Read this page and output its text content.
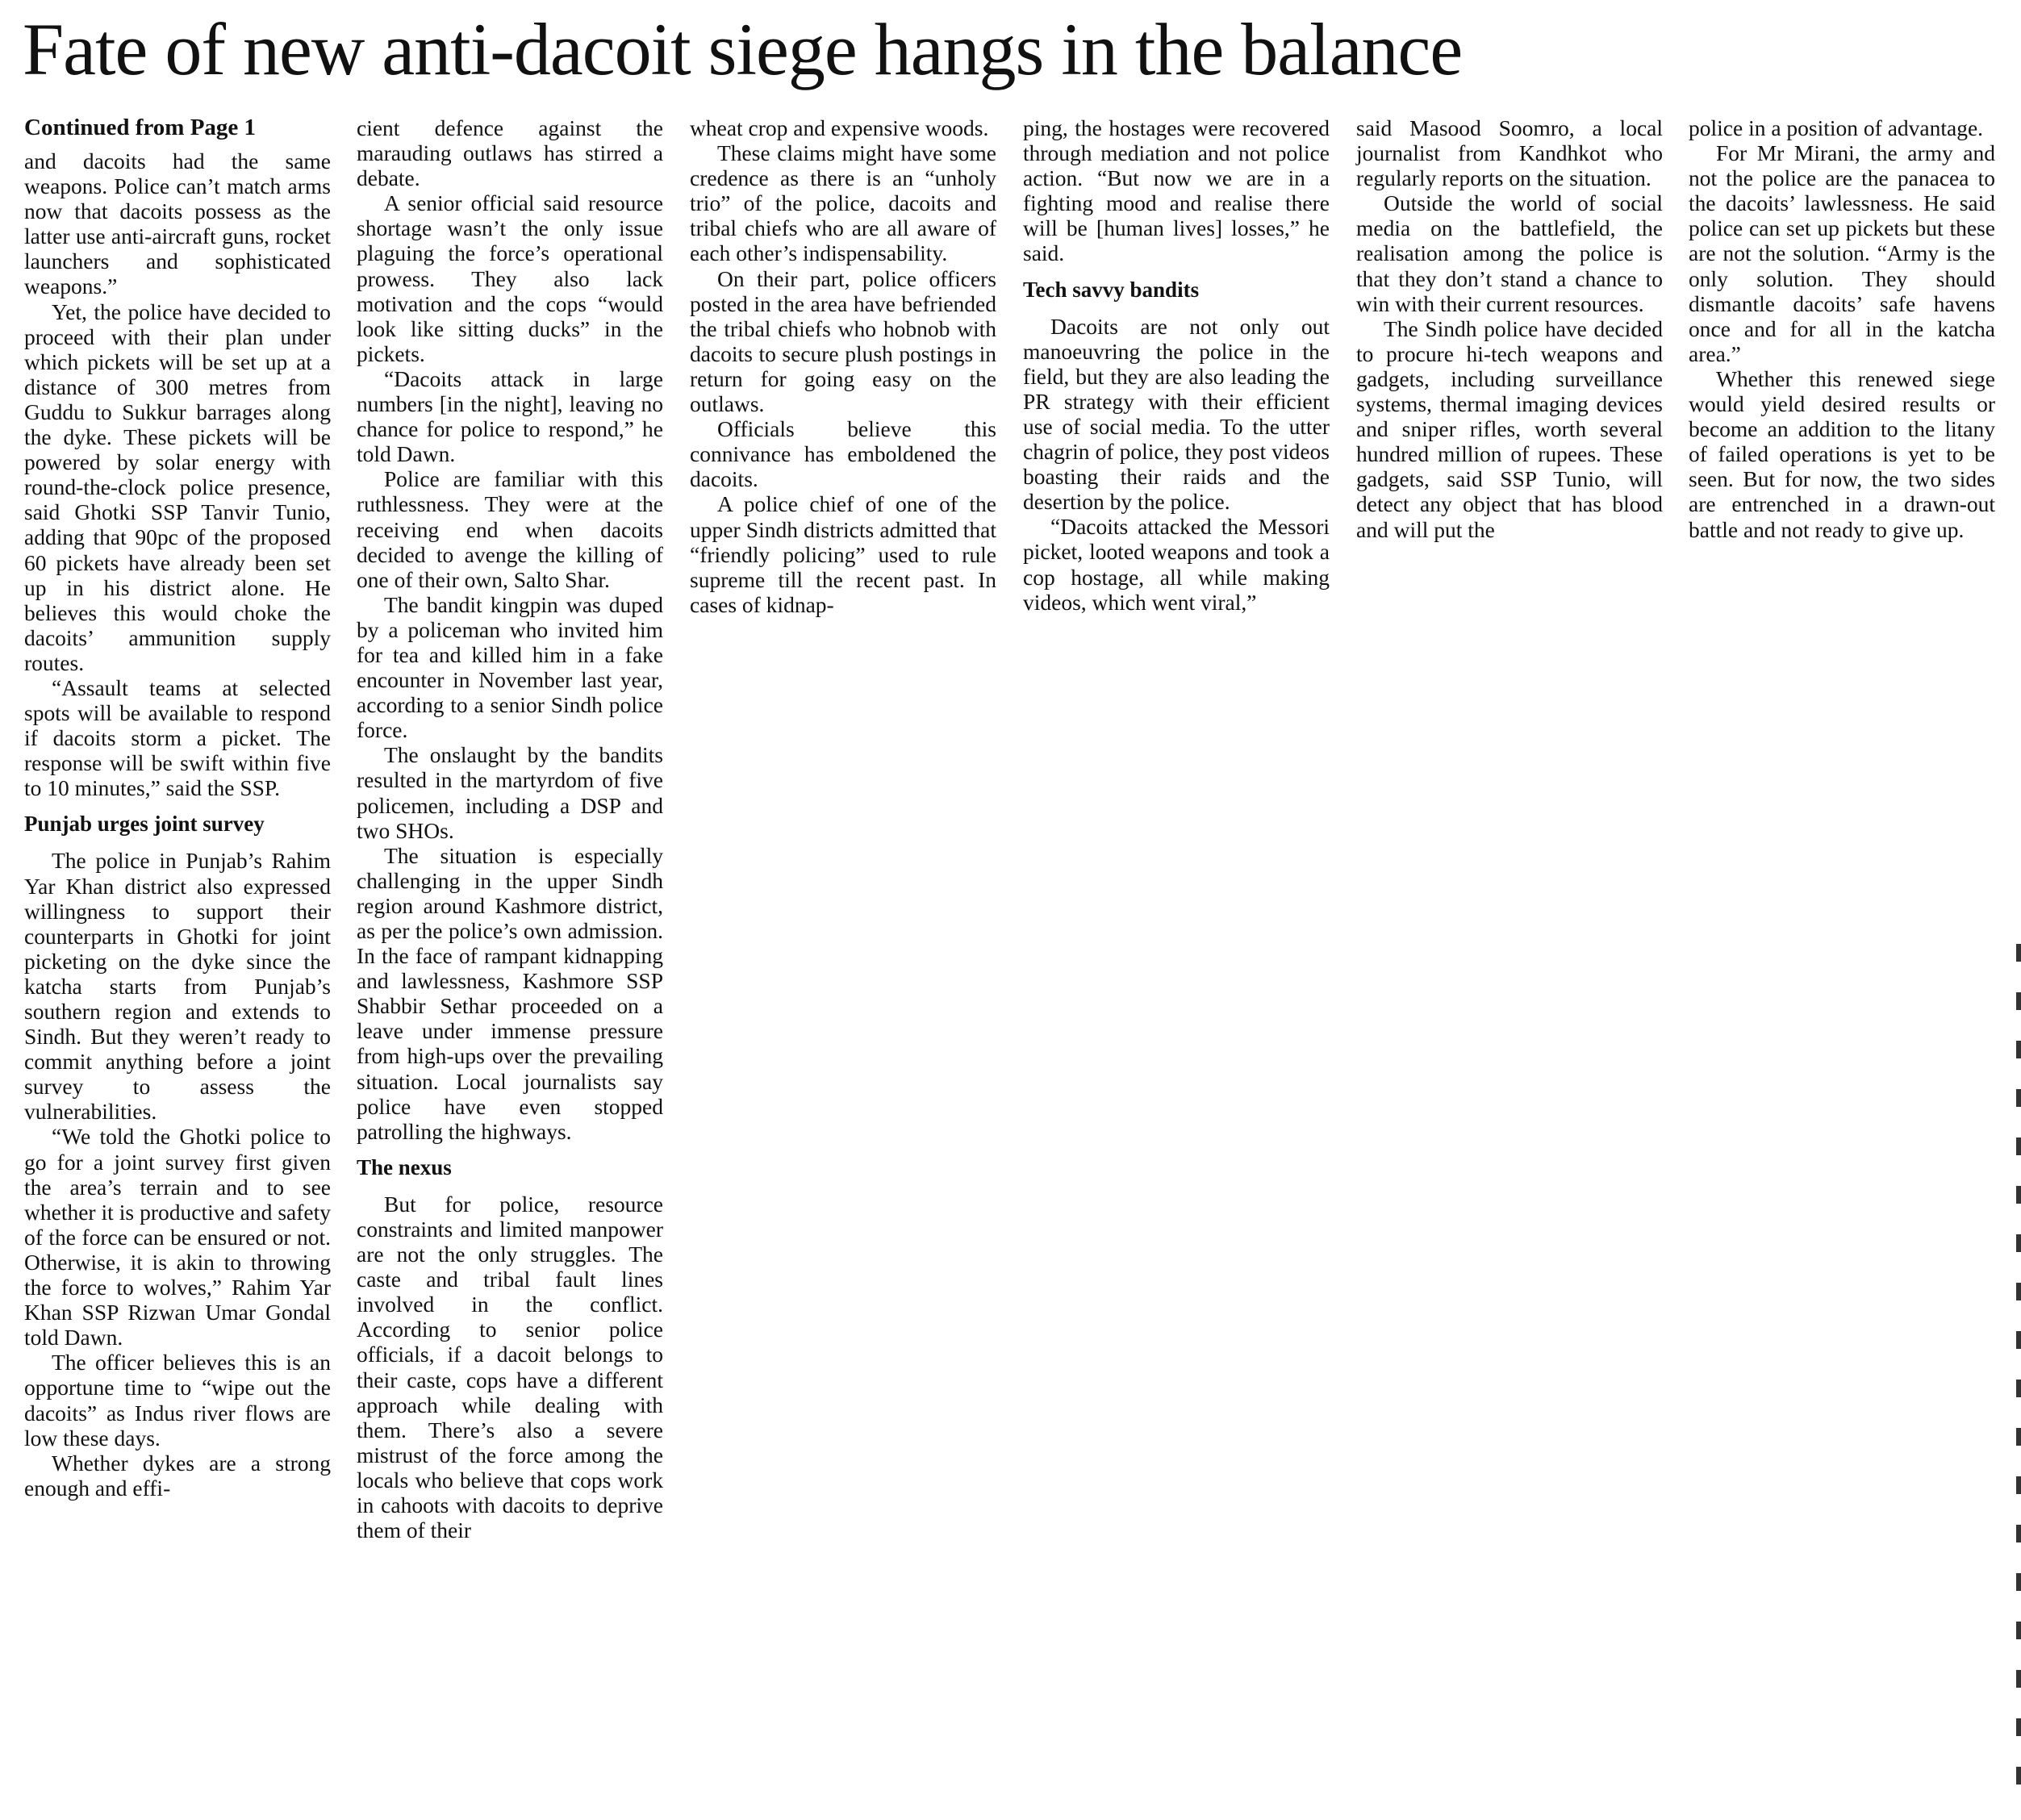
Fate of new anti-dacoit siege hangs in the balance
Continued from Page 1

and dacoits had the same weapons. Police can’t match arms now that dacoits possess as the latter use anti-aircraft guns, rocket launchers and sophisticated weapons.”

Yet, the police have decided to proceed with their plan under which pickets will be set up at a distance of 300 metres from Guddu to Sukkur barrages along the dyke. These pickets will be powered by solar energy with round-the-clock police presence, said Ghotki SSP Tanvir Tunio, adding that 90pc of the proposed 60 pickets have already been set up in his district alone. He believes this would choke the dacoits’ ammunition supply routes.

“Assault teams at selected spots will be available to respond if dacoits storm a picket. The response will be swift within five to 10 minutes,” said the SSP.

Punjab urges joint survey

The police in Punjab’s Rahim Yar Khan district also expressed willingness to support their counterparts in Ghotki for joint picketing on the dyke since the katcha starts from Punjab’s southern region and extends to Sindh. But they weren’t ready to commit anything before a joint survey to assess the vulnerabilities.

“We told the Ghotki police to go for a joint survey first given the area’s terrain and to see whether it is productive and safety of the force can be ensured or not. Otherwise, it is akin to throwing the force to wolves,” Rahim Yar Khan SSP Rizwan Umar Gondal told Dawn.

The officer believes this is an opportune time to “wipe out the dacoits” as Indus river flows are low these days.

Whether dykes are a strong enough and effi-

cient defence against the marauding outlaws has stirred a debate.

A senior official said resource shortage wasn’t the only issue plaguing the force’s operational prowess. They also lack motivation and the cops “would look like sitting ducks” in the pickets.

“Dacoits attack in large numbers [in the night], leaving no chance for police to respond,” he told Dawn.

Police are familiar with this ruthlessness. They were at the receiving end when dacoits decided to avenge the killing of one of their own, Salto Shar.

The bandit kingpin was duped by a policeman who invited him for tea and killed him in a fake encounter in November last year, according to a senior Sindh police force.

The onslaught by the bandits resulted in the martyrdom of five policemen, including a DSP and two SHOs.

The situation is especially challenging in the upper Sindh region around Kashmore district, as per the police’s own admission. In the face of rampant kidnapping and lawlessness, Kashmore SSP Shabbir Sethar proceeded on a leave under immense pressure from high-ups over the prevailing situation. Local journalists say police have even stopped patrolling the highways.

The nexus

But for police, resource constraints and limited manpower are not the only struggles. The caste and tribal fault lines involved in the conflict. According to senior police officials, if a dacoit belongs to their caste, cops have a different approach while dealing with them. There’s also a severe mistrust of the force among the locals who believe that cops work in cahoots with dacoits to deprive them of their

wheat crop and expensive woods.

These claims might have some credence as there is an “unholy trio” of the police, dacoits and tribal chiefs who are all aware of each other’s indispensability.

On their part, police officers posted in the area have befriended the tribal chiefs who hobnob with dacoits to secure plush postings in return for going easy on the outlaws.

Officials believe this connivance has emboldened the dacoits.

A police chief of one of the upper Sindh districts admitted that “friendly policing” used to rule supreme till the recent past. In cases of kidnap-

ping, the hostages were recovered through mediation and not police action. “But now we are in a fighting mood and realise there will be [human lives] losses,” he said.

Tech savvy bandits

Dacoits are not only out manoeuvring the police in the field, but they are also leading the PR strategy with their efficient use of social media. To the utter chagrin of police, they post videos boasting their raids and the desertion by the police.

“Dacoits attacked the Messori picket, looted weapons and took a cop hostage, all while making videos, which went viral,”

said Masood Soomro, a local journalist from Kandhkot who regularly reports on the situation.

Outside the world of social media on the battlefield, the realisation among the police is that they don’t stand a chance to win with their current resources.

The Sindh police have decided to procure hi-tech weapons and gadgets, including surveillance systems, thermal imaging devices and sniper rifles, worth several hundred million of rupees. These gadgets, said SSP Tunio, will detect any object that has blood and will put the

police in a position of advantage.

For Mr Mirani, the army and not the police are the panacea to the dacoits’ lawlessness. He said police can set up pickets but these are not the solution. “Army is the only solution. They should dismantle dacoits’ safe havens once and for all in the katcha area.”

Whether this renewed siege would yield desired results or become an addition to the litany of failed operations is yet to be seen. But for now, the two sides are entrenched in a drawn-out battle and not ready to give up.
